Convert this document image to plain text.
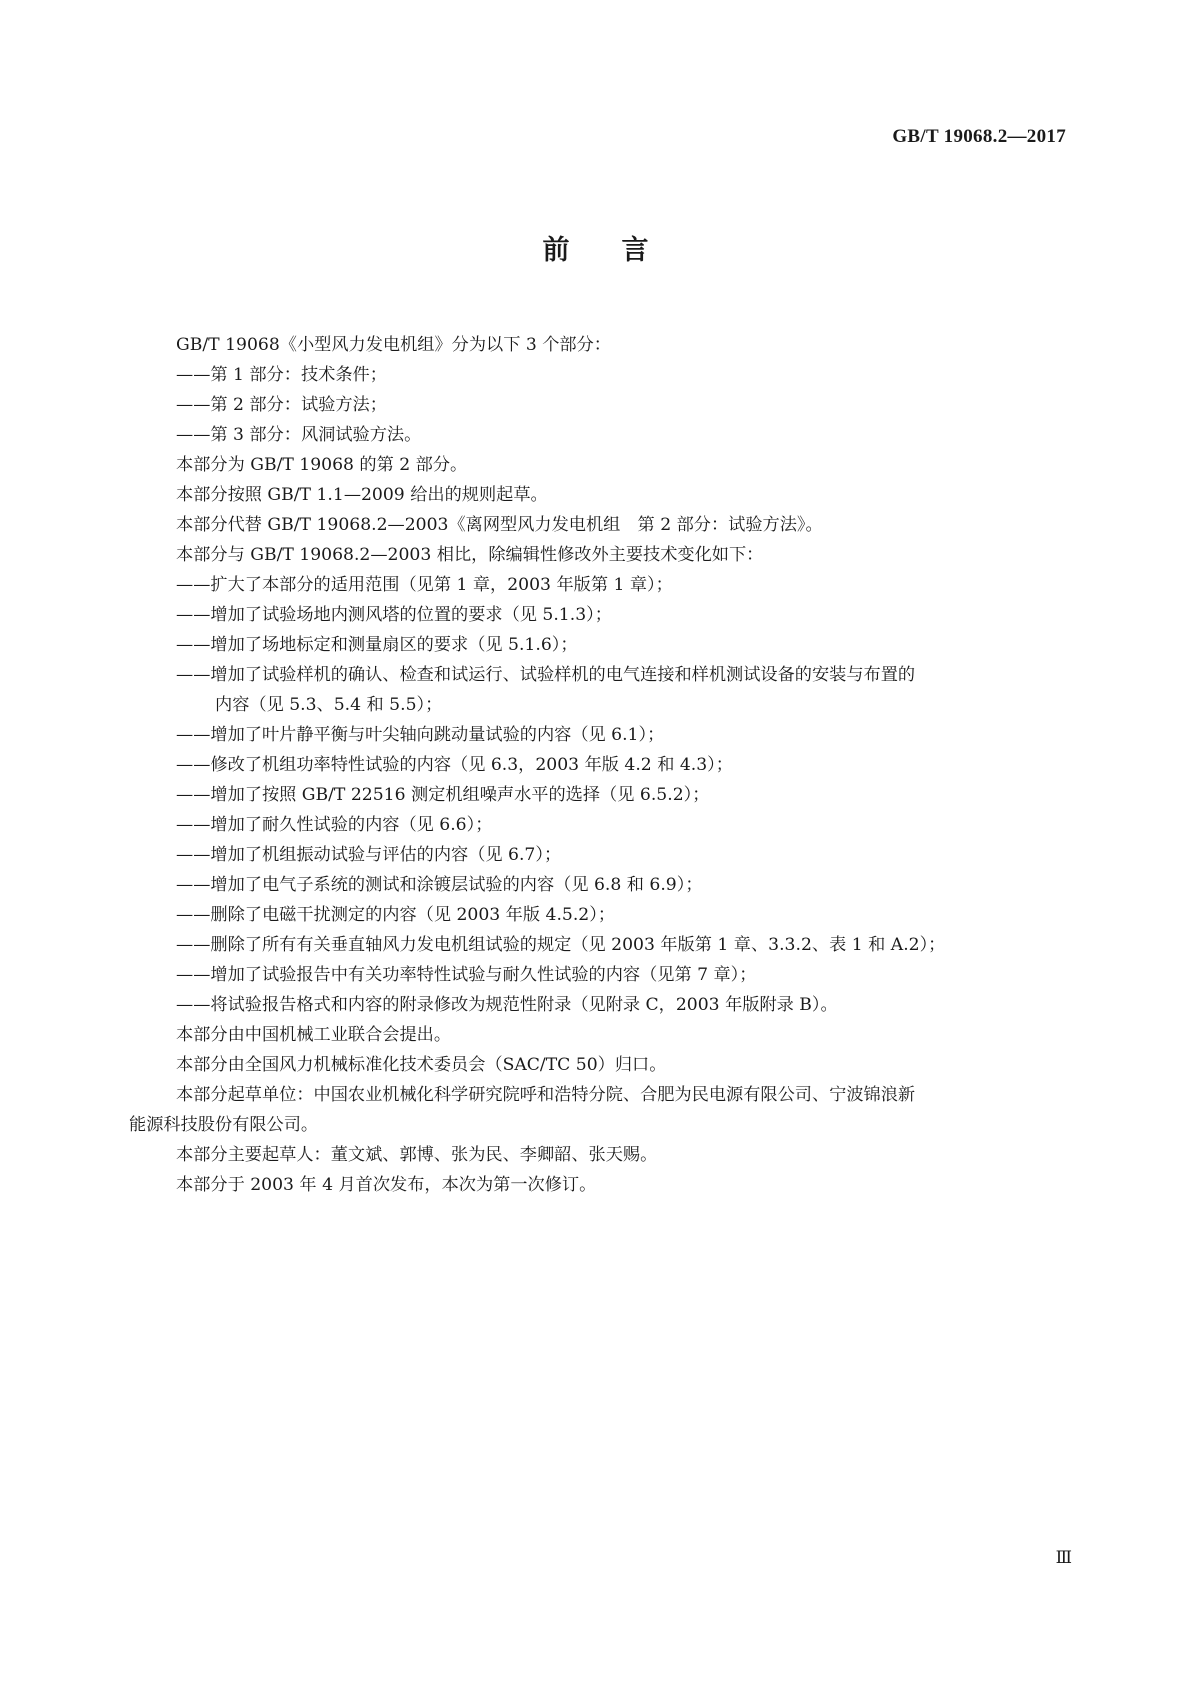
GB/T 19068.2—2017
前言
GB/T 19068《小型风力发电机组》分为以下 3 个部分：
——第 1 部分：技术条件；
——第 2 部分：试验方法；
——第 3 部分：风洞试验方法。
本部分为 GB/T 19068 的第 2 部分。
本部分按照 GB/T 1.1—2009 给出的规则起草。
本部分代替 GB/T 19068.2—2003《离网型风力发电机组　第 2 部分：试验方法》。
本部分与 GB/T 19068.2—2003 相比，除编辑性修改外主要技术变化如下：
——扩大了本部分的适用范围（见第 1 章，2003 年版第 1 章）；
——增加了试验场地内测风塔的位置的要求（见 5.1.3）；
——增加了场地标定和测量扇区的要求（见 5.1.6）；
——增加了试验样机的确认、检查和试运行、试验样机的电气连接和样机测试设备的安装与布置的
内容（见 5.3、5.4 和 5.5）；
——增加了叶片静平衡与叶尖轴向跳动量试验的内容（见 6.1）；
——修改了机组功率特性试验的内容（见 6.3，2003 年版 4.2 和 4.3）；
——增加了按照 GB/T 22516 测定机组噪声水平的选择（见 6.5.2）；
——增加了耐久性试验的内容（见 6.6）；
——增加了机组振动试验与评估的内容（见 6.7）；
——增加了电气子系统的测试和涂镀层试验的内容（见 6.8 和 6.9）；
——删除了电磁干扰测定的内容（见 2003 年版 4.5.2）；
——删除了所有有关垂直轴风力发电机组试验的规定（见 2003 年版第 1 章、3.3.2、表 1 和 A.2）；
——增加了试验报告中有关功率特性试验与耐久性试验的内容（见第 7 章）；
——将试验报告格式和内容的附录修改为规范性附录（见附录 C，2003 年版附录 B）。
本部分由中国机械工业联合会提出。
本部分由全国风力机械标准化技术委员会（SAC/TC 50）归口。
本部分起草单位：中国农业机械化科学研究院呼和浩特分院、合肥为民电源有限公司、宁波锦浪新
能源科技股份有限公司。
本部分主要起草人：董文斌、郭博、张为民、李卿韶、张天赐。
本部分于 2003 年 4 月首次发布，本次为第一次修订。
Ⅲ
